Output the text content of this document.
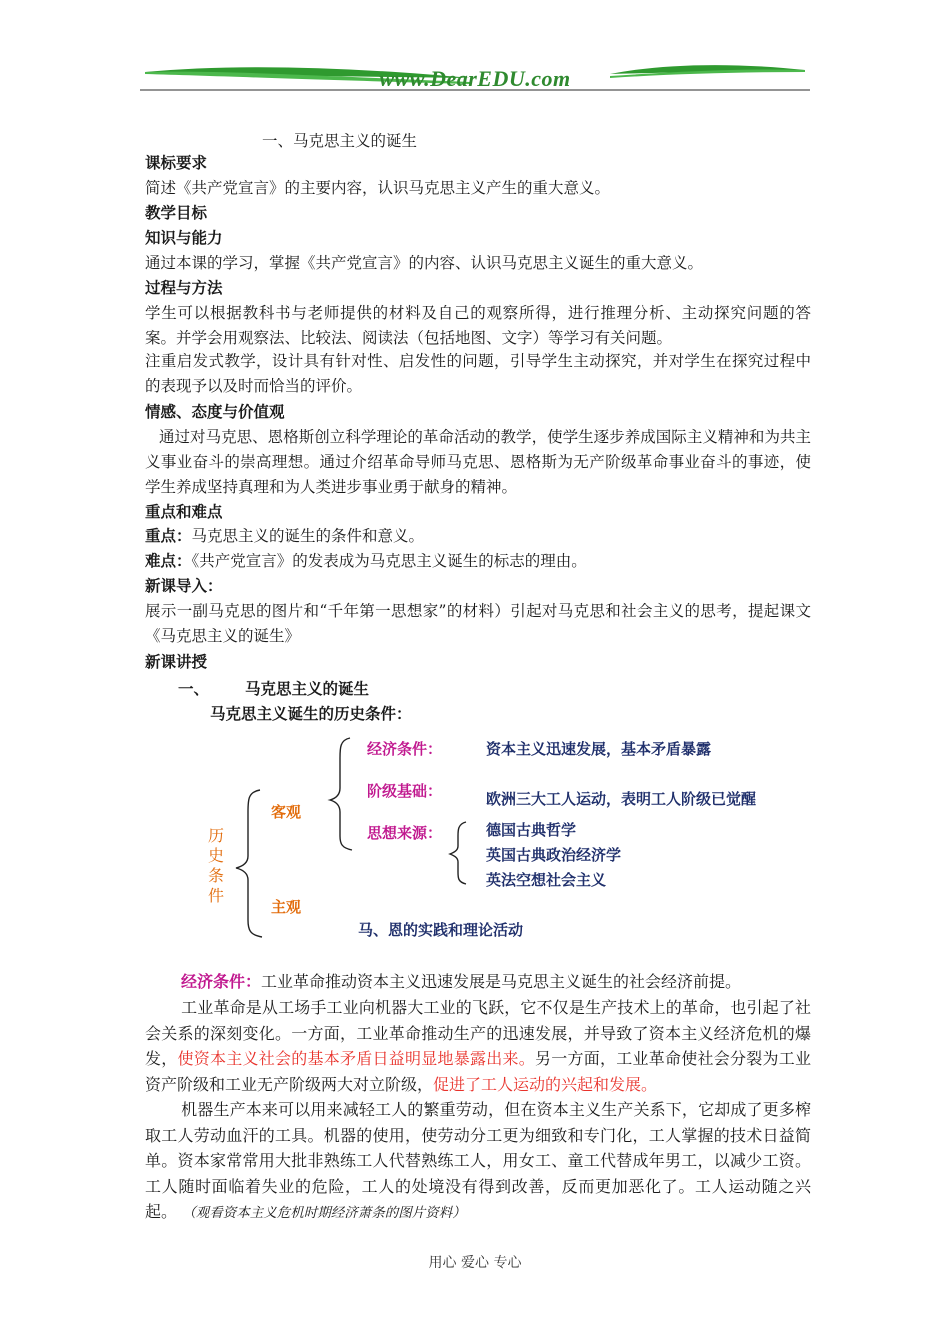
www.DearEDU.com
一、马克思主义的诞生
课标要求
简述《共产党宣言》的主要内容，认识马克思主义产生的重大意义。
教学目标
知识与能力
通过本课的学习，掌握《共产党宣言》的内容、认识马克思主义诞生的重大意义。
过程与方法
学生可以根据教科书与老师提供的材料及自己的观察所得，进行推理分析、主动探究问题的答案。并学会用观察法、比较法、阅读法（包括地图、文字）等学习有关问题。
注重启发式教学，设计具有针对性、启发性的问题，引导学生主动探究，并对学生在探究过程中的表现予以及时而恰当的评价。
情感、态度与价值观
通过对马克思、恩格斯创立科学理论的革命活动的教学，使学生逐步养成国际主义精神和为共主义事业奋斗的崇高理想。通过介绍革命导师马克思、恩格斯为无产阶级革命事业奋斗的事迹，使学生养成坚持真理和为人类进步事业勇于献身的精神。
重点和难点
重点：马克思主义的诞生的条件和意义。
难点：《共产党宣言》的发表成为马克思主义诞生的标志的理由。
新课导入：
展示一副马克思的图片和“千年第一思想家”的材料）引起对马克思和社会主义的思考，提起课文《马克思主义的诞生》
新课讲授
一、 马克思主义的诞生
马克思主义诞生的历史条件：
历史条件
客观
主观
经济条件：	资本主义迅速发展，基本矛盾暴露
阶级基础：	欧洲三大工人运动，表明工人阶级已觉醒
思想来源：	德国古典哲学
英国古典政治经济学
英法空想社会主义
马、恩的实践和理论活动
经济条件：工业革命推动资本主义迅速发展是马克思主义诞生的社会经济前提。
工业革命是从工场手工业向机器大工业的飞跃，它不仅是生产技术上的革命，也引起了社会关系的深刻变化。一方面，工业革命推动生产的迅速发展，并导致了资本主义经济危机的爆发，使资本主义社会的基本矛盾日益明显地暴露出来。另一方面，工业革命使社会分裂为工业资产阶级和工业无产阶级两大对立阶级，促进了工人运动的兴起和发展。
机器生产本来可以用来减轻工人的繁重劳动，但在资本主义生产关系下，它却成了更多榨取工人劳动血汗的工具。机器的使用，使劳动分工更为细致和专门化，工人掌握的技术日益简单。资本家常常用大批非熟练工人代替熟练工人，用女工、童工代替成年男工，以减少工资。工人随时面临着失业的危险，工人的处境没有得到改善，反而更加恶化了。工人运动随之兴起。 （观看资本主义危机时期经济萧条的图片资料）
用心 爱心 专心
